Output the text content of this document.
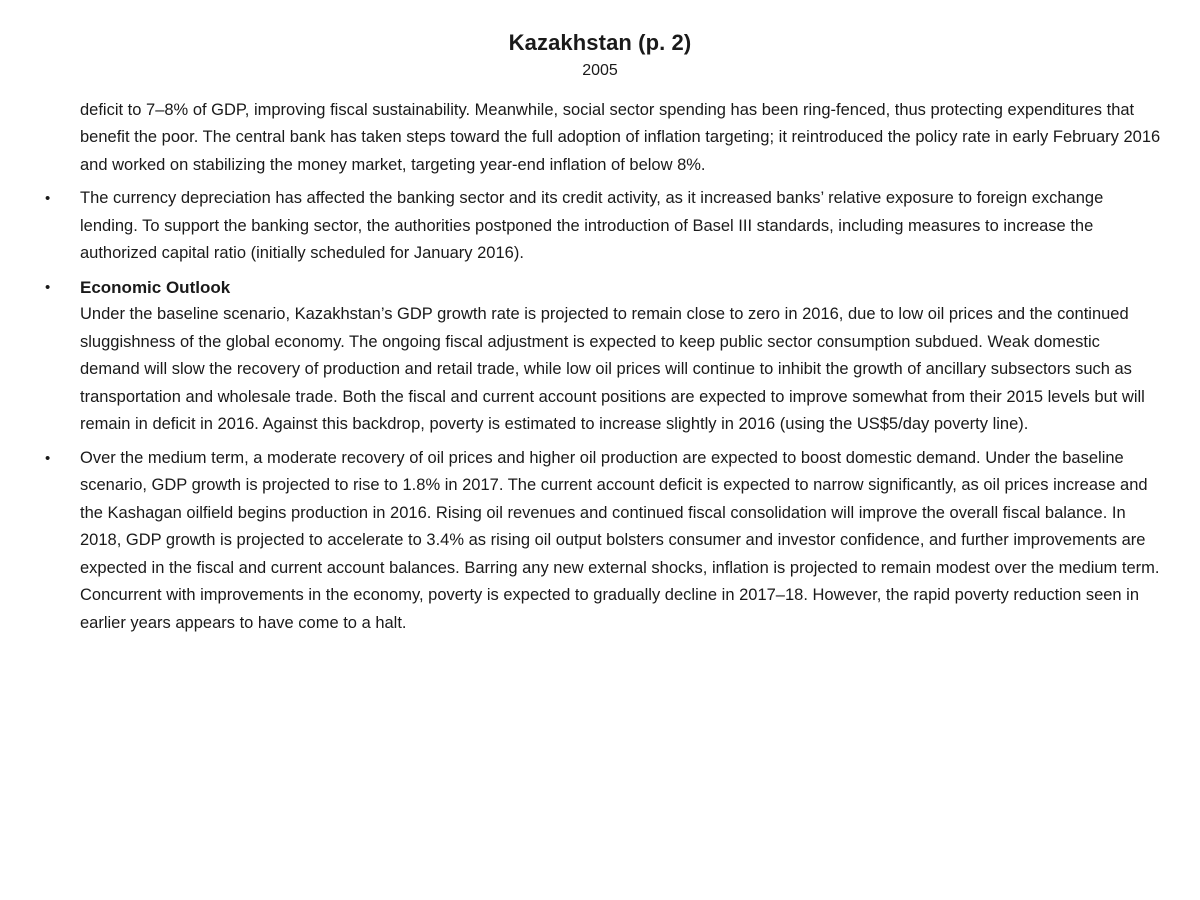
Kazakhstan (p. 2)
2005
deficit to 7–8% of GDP, improving fiscal sustainability. Meanwhile, social sector spending has been ring-fenced, thus protecting expenditures that benefit the poor. The central bank has taken steps toward the full adoption of inflation targeting; it reintroduced the policy rate in early February 2016 and worked on stabilizing the money market, targeting year-end inflation of below 8%.
•	The currency depreciation has affected the banking sector and its credit activity, as it increased banks’ relative exposure to foreign exchange lending. To support the banking sector, the authorities postponed the introduction of Basel III standards, including measures to increase the authorized capital ratio (initially scheduled for January 2016).
•	Economic Outlook
Under the baseline scenario, Kazakhstan’s GDP growth rate is projected to remain close to zero in 2016, due to low oil prices and the continued sluggishness of the global economy. The ongoing fiscal adjustment is expected to keep public sector consumption subdued. Weak domestic demand will slow the recovery of production and retail trade, while low oil prices will continue to inhibit the growth of ancillary subsectors such as transportation and wholesale trade. Both the fiscal and current account positions are expected to improve somewhat from their 2015 levels but will remain in deficit in 2016. Against this backdrop, poverty is estimated to increase slightly in 2016 (using the US$5/day poverty line).
•	Over the medium term, a moderate recovery of oil prices and higher oil production are expected to boost domestic demand. Under the baseline scenario, GDP growth is projected to rise to 1.8% in 2017. The current account deficit is expected to narrow significantly, as oil prices increase and the Kashagan oilfield begins production in 2016. Rising oil revenues and continued fiscal consolidation will improve the overall fiscal balance. In 2018, GDP growth is projected to accelerate to 3.4% as rising oil output bolsters consumer and investor confidence, and further improvements are expected in the fiscal and current account balances. Barring any new external shocks, inflation is projected to remain modest over the medium term. Concurrent with improvements in the economy, poverty is expected to gradually decline in 2017–18. However, the rapid poverty reduction seen in earlier years appears to have come to a halt.
